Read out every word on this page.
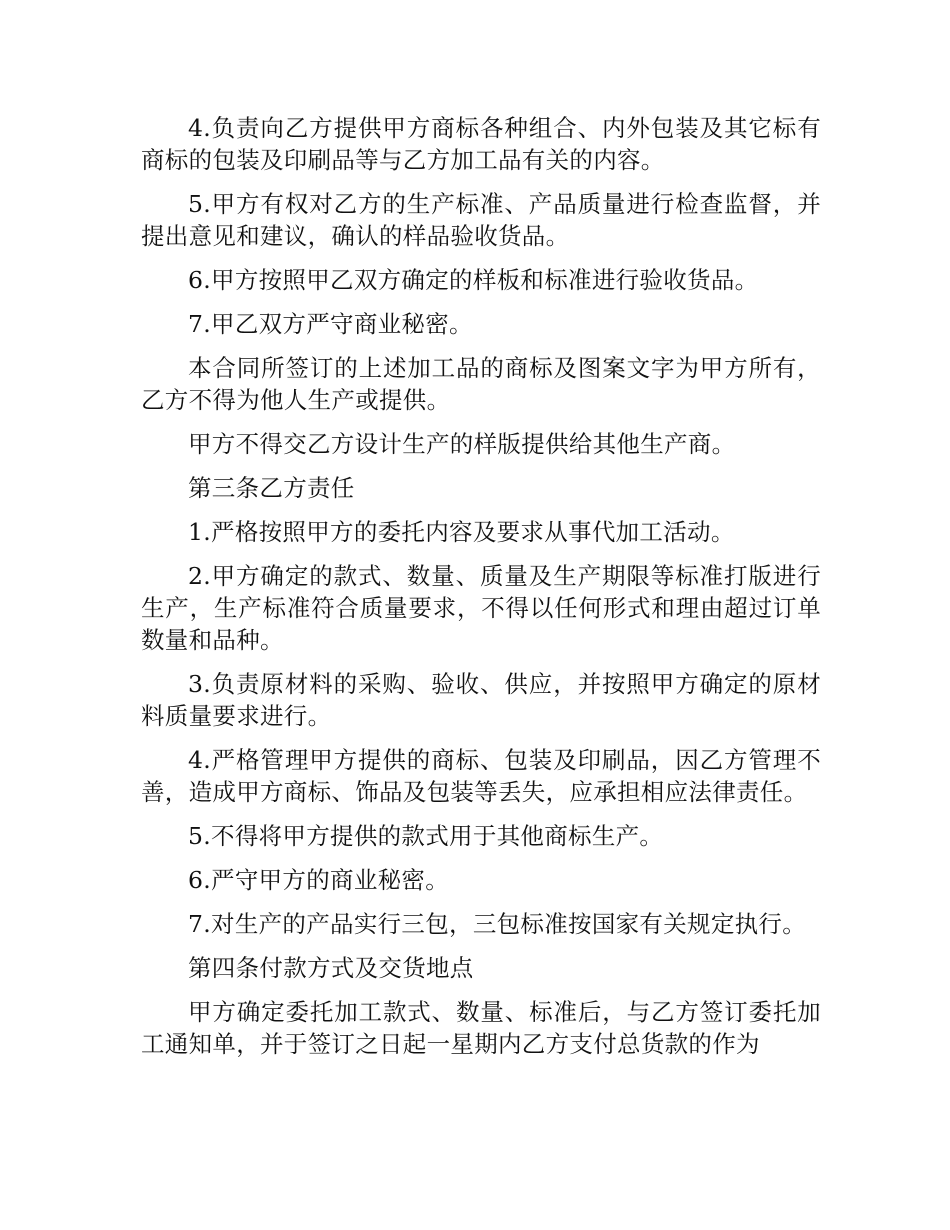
4.负责向乙方提供甲方商标各种组合、内外包装及其它标有商标的包装及印刷品等与乙方加工品有关的内容。

5.甲方有权对乙方的生产标准、产品质量进行检查监督，并提出意见和建议，确认的样品验收货品。

6.甲方按照甲乙双方确定的样板和标准进行验收货品。

7.甲乙双方严守商业秘密。

本合同所签订的上述加工品的商标及图案文字为甲方所有，乙方不得为他人生产或提供。

甲方不得交乙方设计生产的样版提供给其他生产商。

第三条乙方责任

1.严格按照甲方的委托内容及要求从事代加工活动。

2.甲方确定的款式、数量、质量及生产期限等标准打版进行生产，生产标准符合质量要求，不得以任何形式和理由超过订单数量和品种。

3.负责原材料的采购、验收、供应，并按照甲方确定的原材料质量要求进行。

4.严格管理甲方提供的商标、包装及印刷品，因乙方管理不善，造成甲方商标、饰品及包装等丢失，应承担相应法律责任。

5.不得将甲方提供的款式用于其他商标生产。

6.严守甲方的商业秘密。

7.对生产的产品实行三包，三包标准按国家有关规定执行。

第四条付款方式及交货地点

甲方确定委托加工款式、数量、标准后，与乙方签订委托加工通知单，并于签订之日起一星期内乙方支付总货款的作为
